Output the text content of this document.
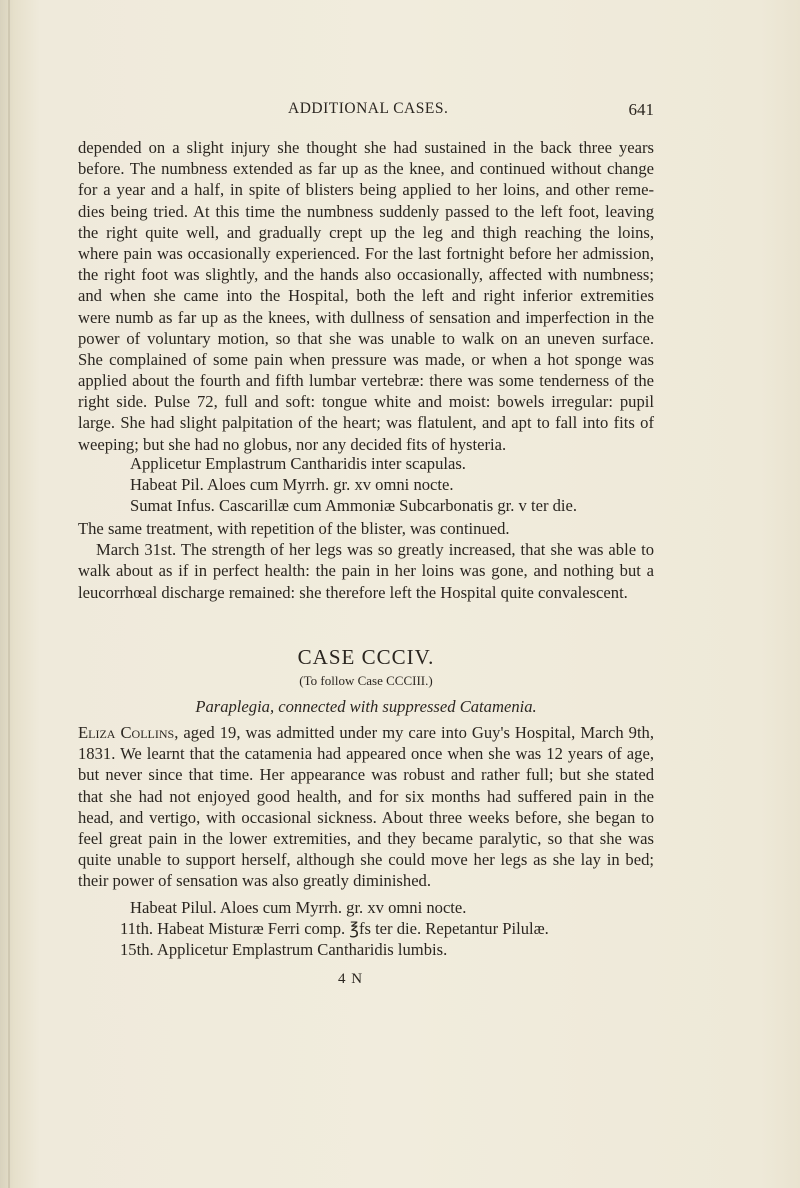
ADDITIONAL CASES.	641
depended on a slight injury she thought she had sustained in the back three years
before. The numbness extended as far up as the knee, and continued without change
for a year and a half, in spite of blisters being applied to her loins, and other reme-
dies being tried. At this time the numbness suddenly passed to the left foot, leaving
the right quite well, and gradually crept up the leg and thigh reaching the loins,
where pain was occasionally experienced. For the last fortnight before her admission,
the right foot was slightly, and the hands also occasionally, affected with numbness;
and when she came into the Hospital, both the left and right inferior extremities
were numb as far up as the knees, with dullness of sensation and imperfection in the
power of voluntary motion, so that she was unable to walk on an uneven surface.
She complained of some pain when pressure was made, or when a hot sponge was
applied about the fourth and fifth lumbar vertebræ: there was some tenderness of the
right side. Pulse 72, full and soft: tongue white and moist: bowels irregular: pupil
large. She had slight palpitation of the heart; was flatulent, and apt to fall into fits of
weeping; but she had no globus, nor any decided fits of hysteria.
Applicetur Emplastrum Cantharidis inter scapulas.
Habeat Pil. Aloes cum Myrrh. gr. xv omni nocte.
Sumat Infus. Cascarillæ cum Ammoniæ Subcarbonatis gr. v ter die.
The same treatment, with repetition of the blister, was continued.
March 31st. The strength of her legs was so greatly increased, that she was able to
walk about as if in perfect health: the pain in her loins was gone, and nothing but a
leucorrhœal discharge remained: she therefore left the Hospital quite convalescent.
CASE CCCIV.
(To follow Case CCCIII.)
Paraplegia, connected with suppressed Catamenia.
Eliza Collins, aged 19, was admitted under my care into Guy's Hospital, March 9th,
1831. We learnt that the catamenia had appeared once when she was 12 years of age,
but never since that time. Her appearance was robust and rather full; but she stated
that she had not enjoyed good health, and for six months had suffered pain in the
head, and vertigo, with occasional sickness. About three weeks before, she began to
feel great pain in the lower extremities, and they became paralytic, so that she was
quite unable to support herself, although she could move her legs as she lay in bed;
their power of sensation was also greatly diminished.
Habeat Pilul. Aloes cum Myrrh. gr. xv omni nocte.
11th. Habeat Misturæ Ferri comp. ℥fs ter die. Repetantur Pilulæ.
15th. Applicetur Emplastrum Cantharidis lumbis.
4 N
